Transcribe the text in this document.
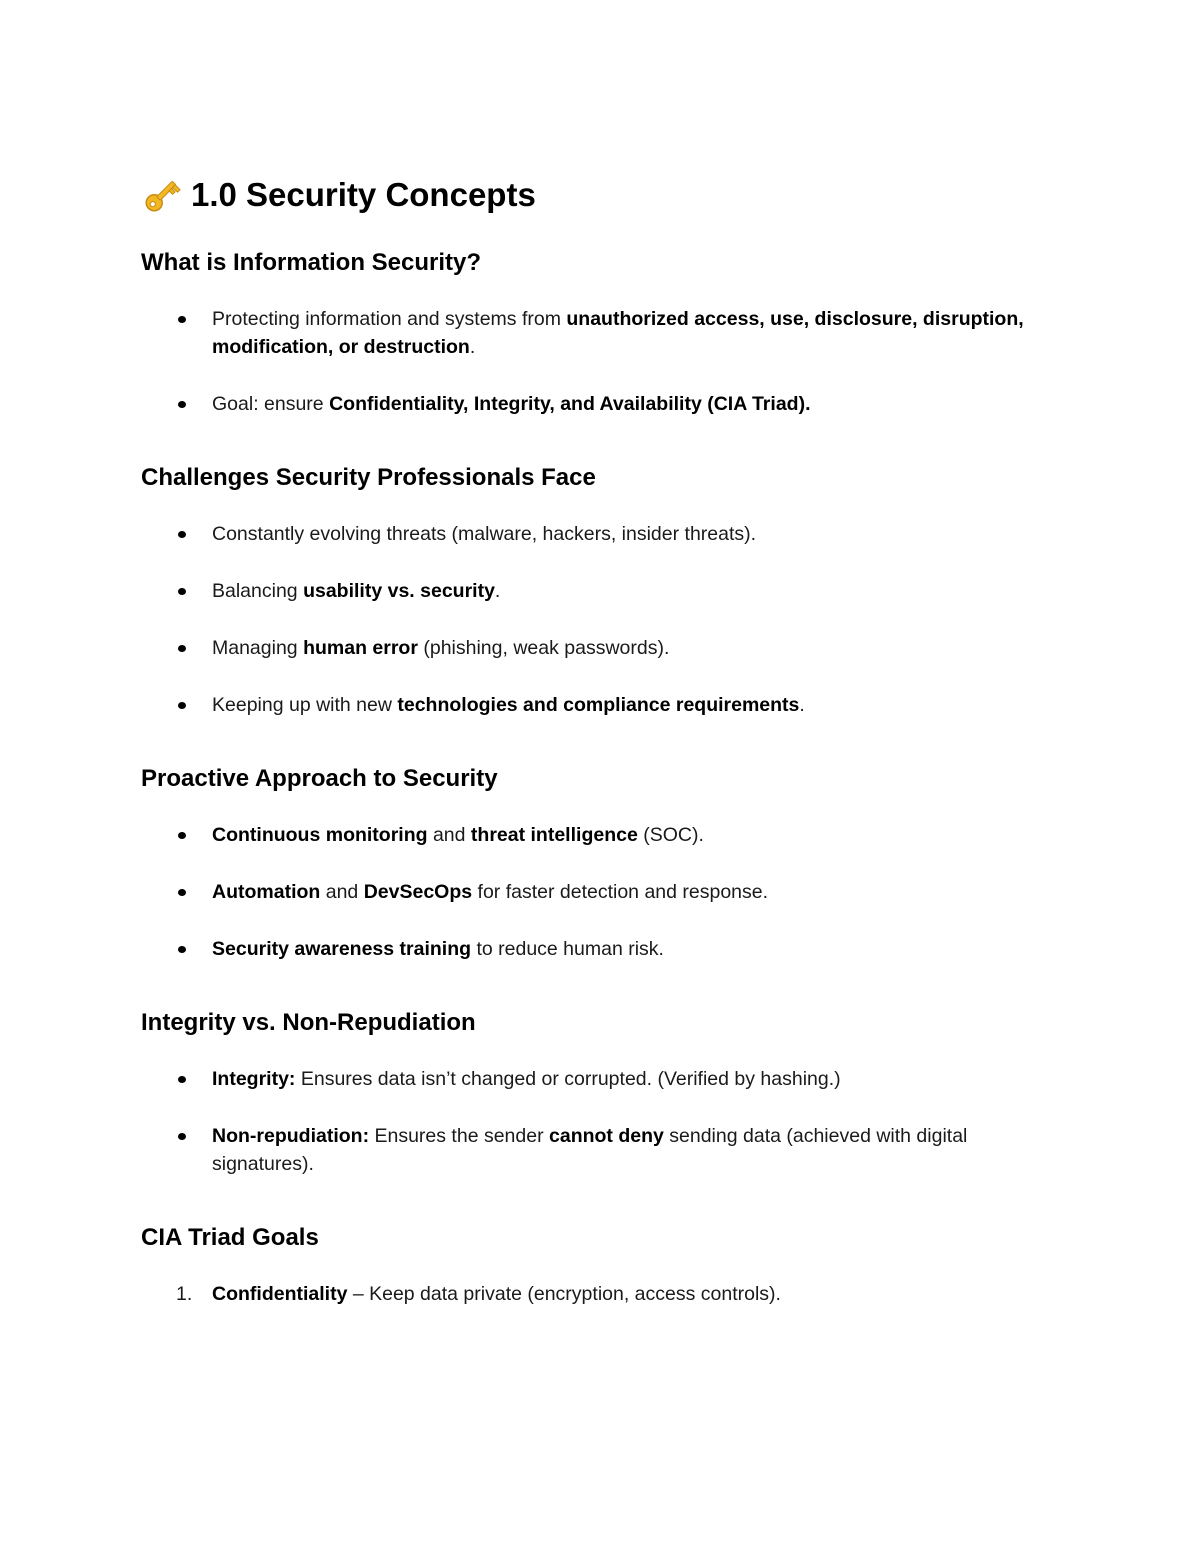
1.0 Security Concepts
What is Information Security?
Protecting information and systems from unauthorized access, use, disclosure, disruption, modification, or destruction.
Goal: ensure Confidentiality, Integrity, and Availability (CIA Triad).
Challenges Security Professionals Face
Constantly evolving threats (malware, hackers, insider threats).
Balancing usability vs. security.
Managing human error (phishing, weak passwords).
Keeping up with new technologies and compliance requirements.
Proactive Approach to Security
Continuous monitoring and threat intelligence (SOC).
Automation and DevSecOps for faster detection and response.
Security awareness training to reduce human risk.
Integrity vs. Non-Repudiation
Integrity: Ensures data isn’t changed or corrupted. (Verified by hashing.)
Non-repudiation: Ensures the sender cannot deny sending data (achieved with digital signatures).
CIA Triad Goals
1.	Confidentiality – Keep data private (encryption, access controls).
